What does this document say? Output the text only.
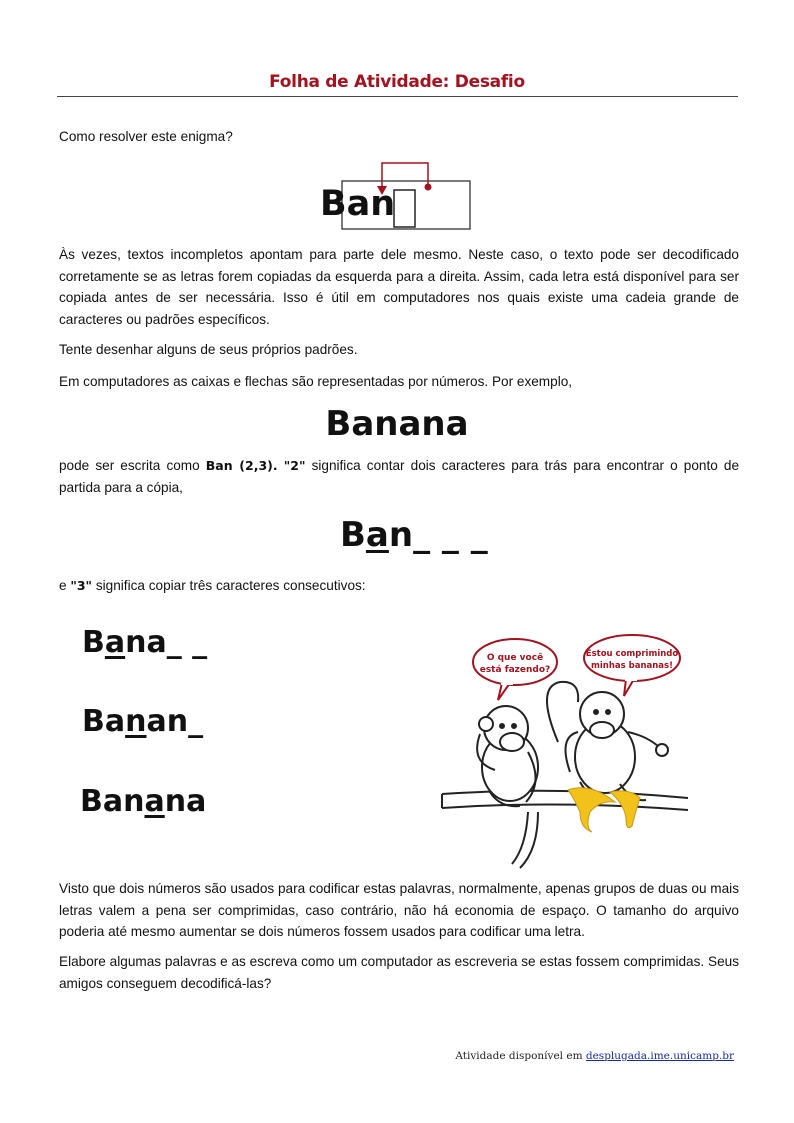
Folha de Atividade: Desafio

Como resolver este enigma?

Ban

Às vezes, textos incompletos apontam para parte dele mesmo. Neste caso, o texto pode ser decodificado corretamente se as letras forem copiadas da esquerda para a direita. Assim, cada letra está disponível para ser copiada antes de ser necessária. Isso é útil em computadores nos quais existe uma cadeia grande de caracteres ou padrões específicos.

Tente desenhar alguns de seus próprios padrões.

Em computadores as caixas e flechas são representadas por números. Por exemplo,

Banana

pode ser escrita como Ban (2,3). "2" significa contar dois caracteres para trás para encontrar o ponto de partida para a cópia,

Ban_ _ _

e "3" significa copiar três caracteres consecutivos:

Bana_ _
Banan_
Banana
O que você
está fazendo?
Estou comprimindo
minhas bananas!

Visto que dois números são usados para codificar estas palavras, normalmente, apenas grupos de duas ou mais letras valem a pena ser comprimidas, caso contrário, não há economia de espaço. O tamanho do arquivo poderia até mesmo aumentar se dois números fossem usados para codificar uma letra.

Elabore algumas palavras e as escreva como um computador as escreveria se estas fossem comprimidas. Seus amigos conseguem decodificá-las?

Atividade disponível em desplugada.ime.unicamp.br
